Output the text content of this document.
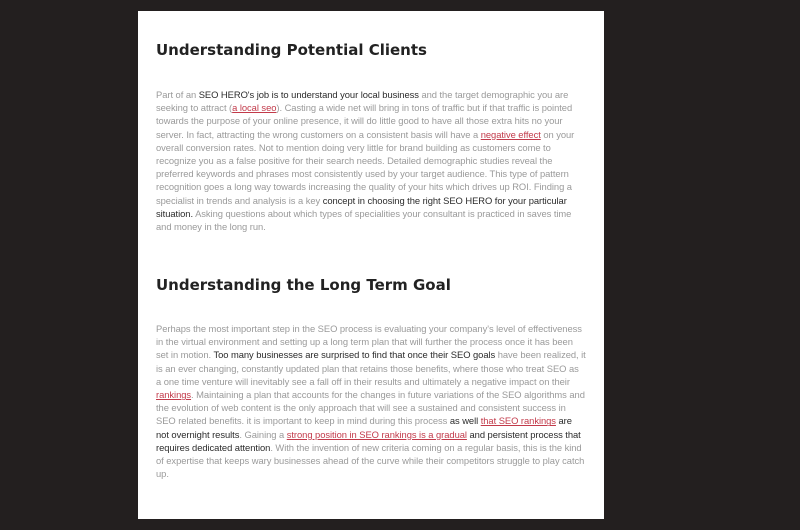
Understanding Potential Clients

Part of an SEO HERO's job is to understand your local business and the target demographic you are seeking to attract (a local seo). Casting a wide net will bring in tons of traffic but if that traffic is pointed towards the purpose of your online presence, it will do little good to have all those extra hits no your server. In fact, attracting the wrong customers on a consistent basis will have a negative effect on your overall conversion rates. Not to mention doing very little for brand building as customers come to recognize you as a false positive for their search needs. Detailed demographic studies reveal the preferred keywords and phrases most consistently used by your target audience. This type of pattern recognition goes a long way towards increasing the quality of your hits which drives up ROI. Finding a specialist in trends and analysis is a key concept in choosing the right SEO HERO for your particular situation. Asking questions about which types of specialities your consultant is practiced in saves time and money in the long run.

Understanding the Long Term Goal

Perhaps the most important step in the SEO process is evaluating your company's level of effectiveness in the virtual environment and setting up a long term plan that will further the process once it has been set in motion. Too many businesses are surprised to find that once their SEO goals have been realized, it is an ever changing, constantly updated plan that retains those benefits, where those who treat SEO as a one time venture will inevitably see a fall off in their results and ultimately a negative impact on their rankings. Maintaining a plan that accounts for the changes in future variations of the SEO algorithms and the evolution of web content is the only approach that will see a sustained and consistent success in SEO related benefits. it is important to keep in mind during this process as well that SEO rankings are not overnight results. Gaining a strong position in SEO rankings is a gradual and persistent process that requires dedicated attention. With the invention of new criteria coming on a regular basis, this is the kind of expertise that keeps wary businesses ahead of the curve while their competitors struggle to play catch up.
